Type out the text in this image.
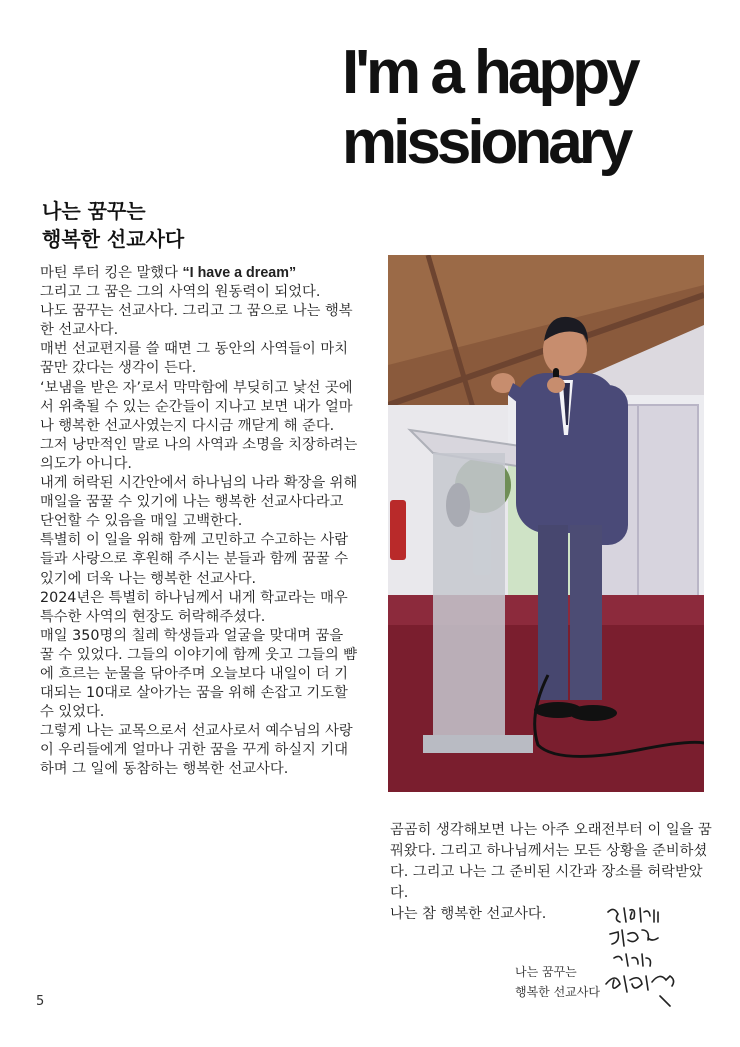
I'm a happy
missionary
나는 꿈꾸는
행복한 선교사다

마틴 루터 킹은 말했다 “I have a dream”
그리고 그 꿈은 그의 사역의 원동력이 되었다.

나도 꿈꾸는 선교사다. 그리고 그 꿈으로 나는 행복한 선교사다.

매번 선교편지를 쓸 때면 그 동안의 사역들이 마치 꿈만 갔다는 생각이 든다.

‘보냄을 받은 자’로서 막막함에 부딪히고 낯선 곳에서 위축될 수 있는 순간들이 지나고 보면 내가 얼마나 행복한 선교사였는지 다시금 깨닫게 해 준다.

그저 낭만적인 말로 나의 사역과 소명을 치장하려는 의도가 아니다.

내게 허락된 시간안에서 하나님의 나라 확장을 위해 매일을 꿈꿀 수 있기에 나는 행복한 선교사다라고 단언할 수 있음을 매일 고백한다.

특별히 이 일을 위해 함께 고민하고 수고하는 사람들과 사랑으로 후원해 주시는 분들과 함께 꿈꿀 수 있기에 더욱 나는 행복한 선교사다.

2024년은 특별히 하나님께서 내게 학교라는 매우 특수한 사역의 현장도 허락해주셨다.

매일 350명의 칠레 학생들과 얼굴을 맞대며 꿈을 꿀 수 있었다. 그들의 이야기에 함께 웃고 그들의 뺨에 흐르는 눈물을 닦아주며 오늘보다 내일이 더 기대되는 10대로 살아가는 꿈을 위해 손잡고 기도할 수 있었다.

그렇게 나는 교목으로서 선교사로서 예수님의 사랑이 우리들에게 얼마나 귀한 꿈을 꾸게 하실지 기대하며 그 일에 동참하는 행복한 선교사다.

곰곰히 생각해보면 나는 아주 오래전부터 이 일을 꿈꿔왔다. 그리고 하나님께서는 모든 상황을 준비하셨다. 그리고 나는 그 준비된 시간과 장소를 허락받았다.

나는 참 행복한 선교사다.

나는 꿈꾸는
행복한 선교사다
5
